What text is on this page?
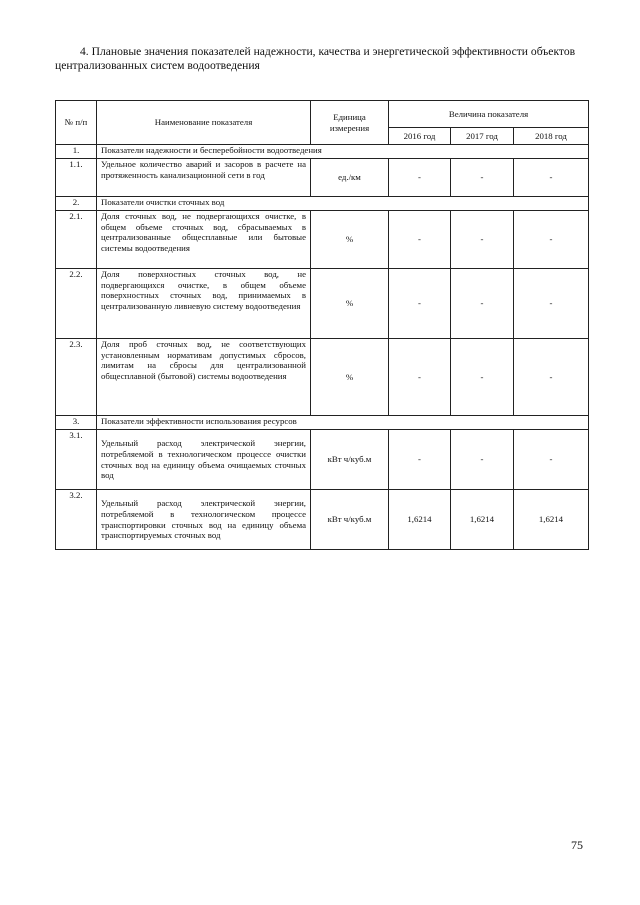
4. Плановые значения показателей надежности, качества и энергетической эффективности объектов централизованных систем водоотведения
№ п/п	Наименование показателя	Единица измерения	Величина показателя		
			2016 год	2017 год	2018 год
1.	Показатели надежности и бесперебойности водоотведения				
1.1.	Удельное количество аварий и засоров в расчете на протяженность канализационной сети в год	ед./км	-	-	-
2.	Показатели очистки сточных вод				
2.1.	Доля сточных вод, не подвергающихся очистке, в общем объеме сточных вод, сбрасываемых в централизованные общесплавные или бытовые системы водоотведения	%	-	-	-
2.2.	Доля поверхностных сточных вод, не подвергающихся очистке, в общем объеме поверхностных сточных вод, принимаемых в централизованную ливневую систему водоотведения	%	-	-	-
2.3.	Доля проб сточных вод, не соответствующих установленным нормативам допустимых сбросов, лимитам на сбросы для централизованной общесплавной (бытовой) системы водоотведения	%	-	-	-
3.	Показатели эффективности использования ресурсов				
3.1.	Удельный расход электрической энергии, потребляемой в технологическом процессе очистки сточных вод на единицу объема очищаемых сточных вод	кВт ч/куб.м	-	-	-
3.2.	Удельный расход электрической энергии, потребляемой в технологическом процессе транспортировки сточных вод на единицу объема транспортируемых сточных вод	кВт ч/куб.м	1,6214	1,6214	1,6214
75
